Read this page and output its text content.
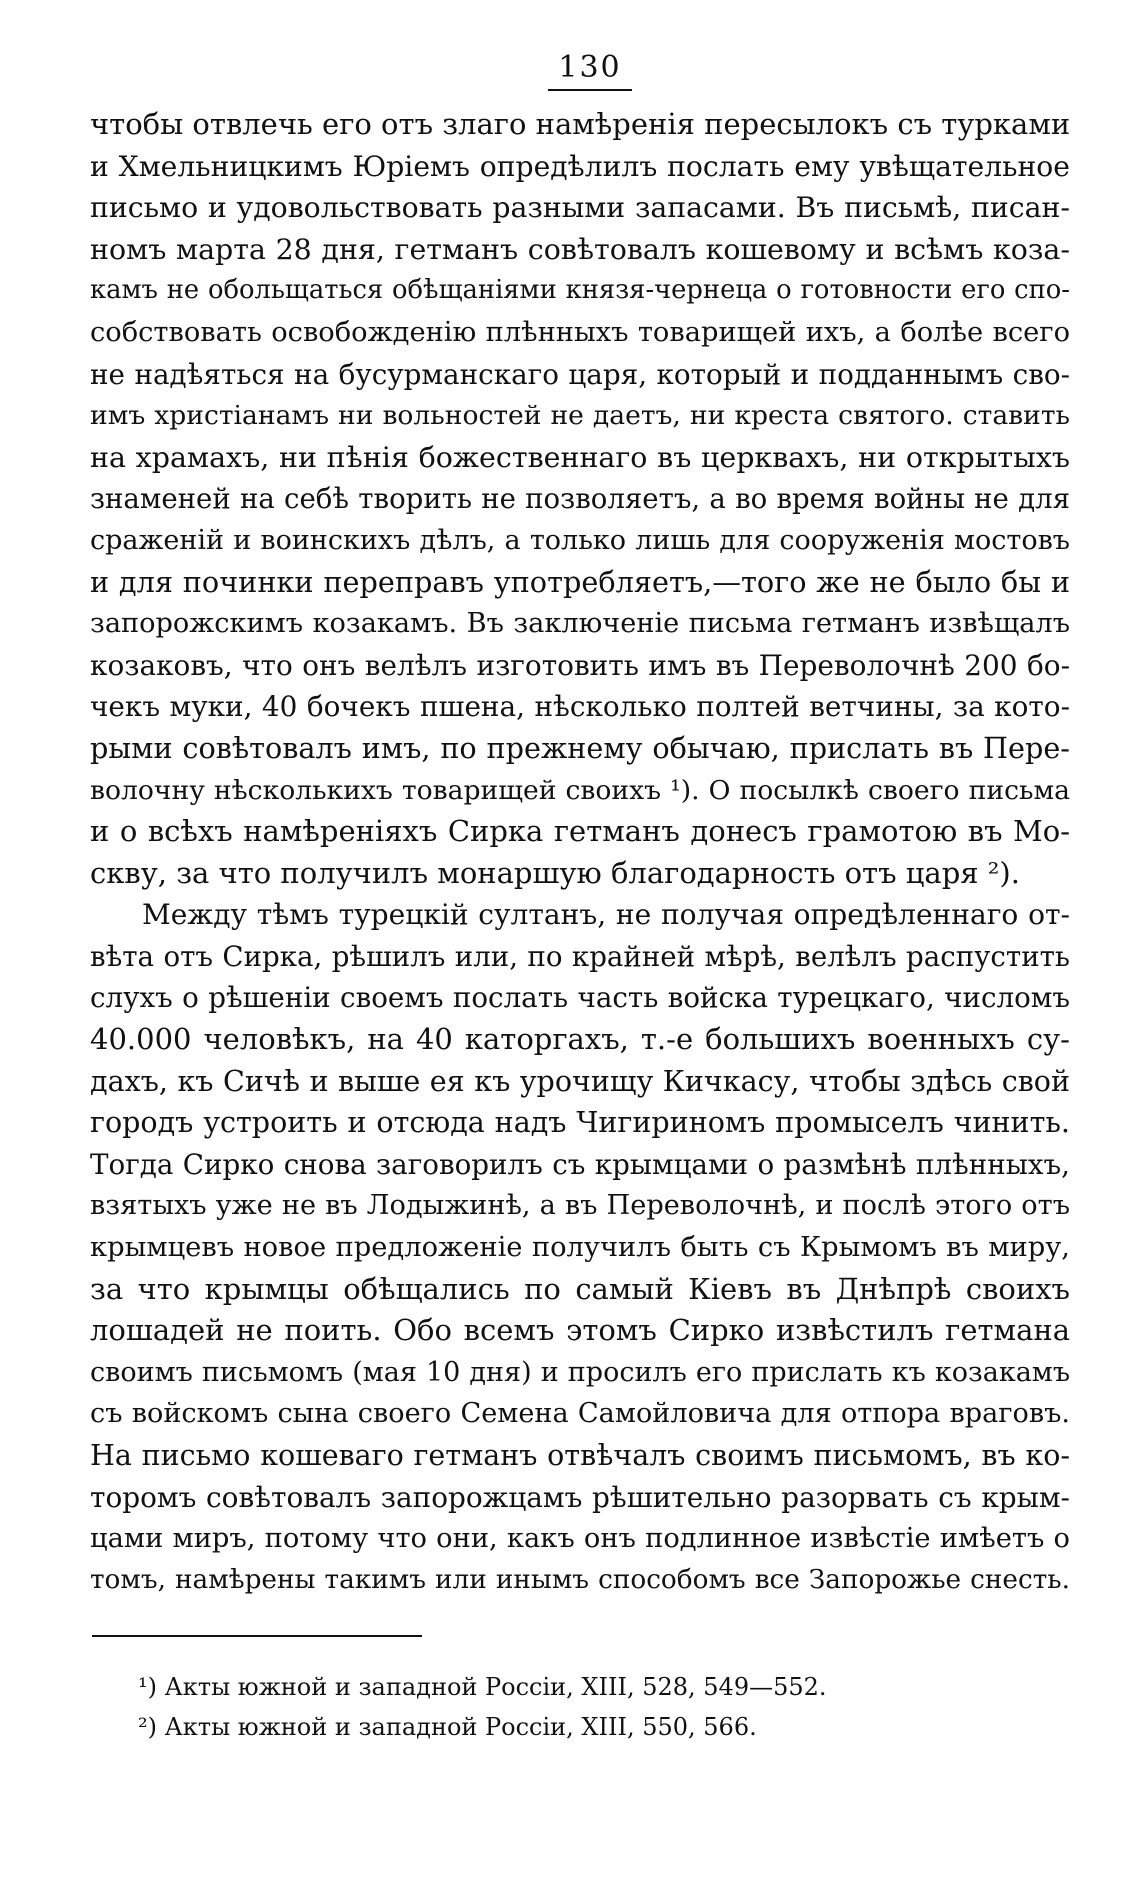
130

чтобы отвлечь его отъ злаго намѣренія пересылокъ съ турками
и Хмельницкимъ Юріемъ опредѣлилъ послать ему увѣщательное
письмо и удовольствовать разными запасами. Въ письмѣ, писан-
номъ марта 28 дня, гетманъ совѣтовалъ кошевому и всѣмъ коза-
камъ не обольщаться обѣщаніями князя-чернеца о готовности его спо-
собствовать освобожденію плѣнныхъ товарищей ихъ, а болѣе всего
не надѣяться на бусурманскаго царя, который и подданнымъ сво-
имъ христіанамъ ни вольностей не даетъ, ни креста святого. ставить
на храмахъ, ни пѣнія божественнаго въ церквахъ, ни открытыхъ
знаменей на себѣ творить не позволяетъ, а во время войны не для
сраженій и воинскихъ дѣлъ, а только лишь для сооруженія мостовъ
и для починки переправъ употребляетъ,—того же не было бы и
запорожскимъ козакамъ. Въ заключеніе письма гетманъ извѣщалъ
козаковъ, что онъ велѣлъ изготовить имъ въ Переволочнѣ 200 бо-
чекъ муки, 40 бочекъ пшена, нѣсколько полтей ветчины, за кото-
рыми совѣтовалъ имъ, по прежнему обычаю, прислать въ Пере-
волочну нѣсколькихъ товарищей своихъ ¹). О посылкѣ своего письма
и о всѣхъ намѣреніяхъ Сирка гетманъ донесъ грамотою въ Мо-
скву, за что получилъ монаршую благодарность отъ царя ²).

Между тѣмъ турецкій султанъ, не получая опредѣленнаго от-
вѣта отъ Сирка, рѣшилъ или, по крайней мѣрѣ, велѣлъ распустить
слухъ о рѣшеніи своемъ послать часть войска турецкаго, числомъ
40.000 человѣкъ, на 40 каторгахъ, т.-е большихъ военныхъ су-
дахъ, къ Сичѣ и выше ея къ урочищу Кичкасу, чтобы здѣсь свой
городъ устроить и отсюда надъ Чигириномъ промыселъ чинить.
Тогда Сирко снова заговорилъ съ крымцами о размѣнѣ плѣнныхъ,
взятыхъ уже не въ Лодыжинѣ, а въ Переволочнѣ, и послѣ этого отъ
крымцевъ новое предложеніе получилъ быть съ Крымомъ въ миру,
за что крымцы обѣщались по самый Кіевъ въ Днѣпрѣ своихъ
лошадей не поить. Обо всемъ этомъ Сирко извѣстилъ гетмана
своимъ письмомъ (мая 10 дня) и просилъ его прислать къ козакамъ
съ войскомъ сына своего Семена Самойловича для отпора враговъ.
На письмо кошеваго гетманъ отвѣчалъ своимъ письмомъ, въ ко-
торомъ совѣтовалъ запорожцамъ рѣшительно разорвать съ крым-
цами миръ, потому что они, какъ онъ подлинное извѣстіе имѣетъ о
томъ, намѣрены такимъ или инымъ способомъ все Запорожье снесть.

¹) Акты южной и западной Россіи, XIII, 528, 549—552.
²) Акты южной и западной Россіи, XIII, 550, 566.
